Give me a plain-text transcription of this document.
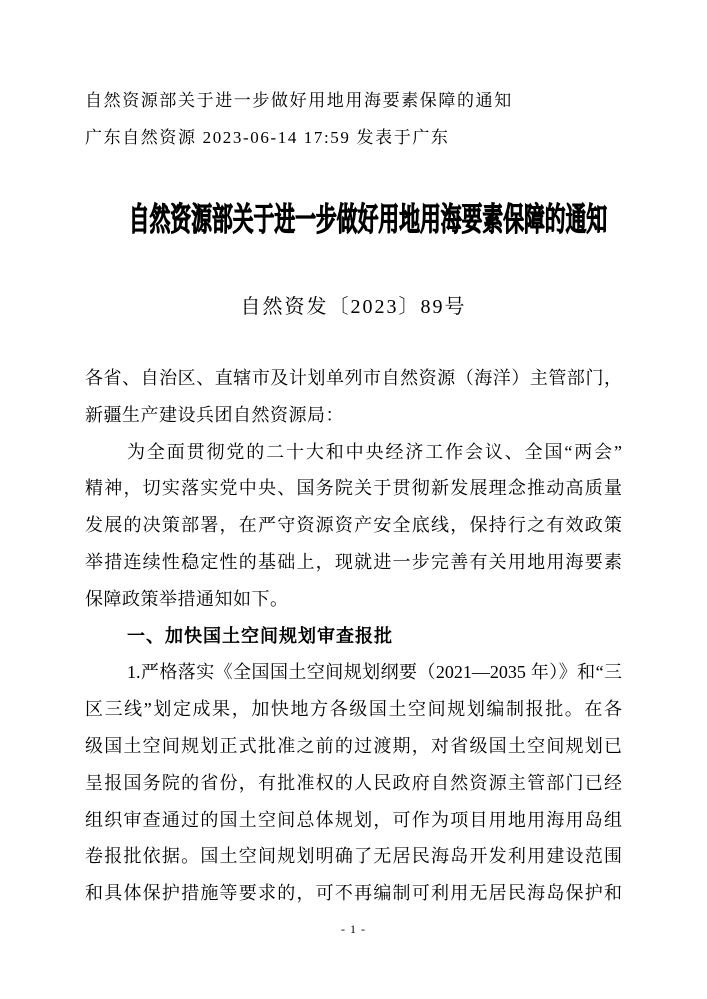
自然资源部关于进一步做好用地用海要素保障的通知
广东自然资源 2023-06-14 17:59 发表于广东
自然资源部关于进一步做好用地用海要素保障的通知
自然资发〔2023〕89号
各省、自治区、直辖市及计划单列市自然资源（海洋）主管部门，
新疆生产建设兵团自然资源局：
为全面贯彻党的二十大和中央经济工作会议、全国“两会”
精神，切实落实党中央、国务院关于贯彻新发展理念推动高质量
发展的决策部署，在严守资源资产安全底线，保持行之有效政策
举措连续性稳定性的基础上，现就进一步完善有关用地用海要素
保障政策举措通知如下。
一、加快国土空间规划审查报批
1.严格落实《全国国土空间规划纲要（2021—2035 年）》和“三
区三线”划定成果，加快地方各级国土空间规划编制报批。在各
级国土空间规划正式批准之前的过渡期，对省级国土空间规划已
呈报国务院的省份，有批准权的人民政府自然资源主管部门已经
组织审查通过的国土空间总体规划，可作为项目用地用海用岛组
卷报批依据。国土空间规划明确了无居民海岛开发利用建设范围
和具体保护措施等要求的，可不再编制可利用无居民海岛保护和
- 1 -
